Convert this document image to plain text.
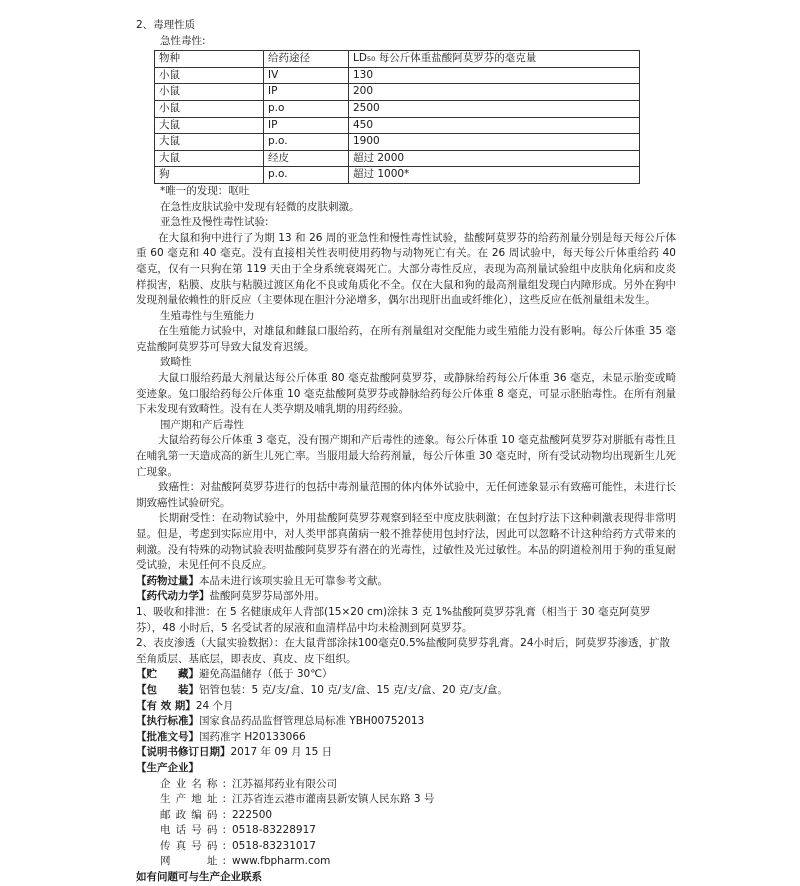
2、毒理性质
急性毒性:
物种	给药途径	LD₅₀ 每公斤体重盐酸阿莫罗芬的毫克量
小鼠	IV	130
小鼠	IP	200
小鼠	p.o	2500
大鼠	IP	450
大鼠	p.o.	1900
大鼠	经皮	超过 2000
狗	p.o.	超过 1000*
*唯一的发现：呕吐
在急性皮肤试验中发现有轻微的皮肤刺激。
亚急性及慢性毒性试验:
在大鼠和狗中进行了为期 13 和 26 周的亚急性和慢性毒性试验，盐酸阿莫罗芬的给药剂量分别是每天每公斤体重 60 毫克和 40 毫克。没有直接相关性表明使用药物与动物死亡有关。在 26 周试验中，每天每公斤体重给药 40 毫克，仅有一只狗在第 119 天由于全身系统衰竭死亡。大部分毒性反应，表现为高剂量试验组中皮肤角化病和皮炎样损害，粘膜、皮肤与粘膜过渡区角化不良或角质化不全。仅在大鼠和狗的最高剂量组发现白内障形成。另外在狗中发现剂量依赖性的肝反应（主要体现在胆汁分泌增多，偶尔出现肝出血或纤维化），这些反应在低剂量组未发生。
生殖毒性与生殖能力
在生殖能力试验中，对雄鼠和雌鼠口服给药，在所有剂量组对交配能力或生殖能力没有影响。每公斤体重 35 毫克盐酸阿莫罗芬可导致大鼠发育迟缓。
致畸性
大鼠口服给药最大剂量达每公斤体重 80 毫克盐酸阿莫罗芬，或静脉给药每公斤体重 36 毫克，未显示胎变或畸变迹象。兔口服给药每公斤体重 10 毫克盐酸阿莫罗芬或静脉给药每公斤体重 8 毫克，可显示胚胎毒性。在所有剂量下未发现有致畸性。没有在人类孕期及哺乳期的用药经验。
围产期和产后毒性
大鼠给药每公斤体重 3 毫克，没有围产期和产后毒性的迹象。每公斤体重 10 毫克盐酸阿莫罗芬对胼胝有毒性且在哺乳第一天造成高的新生儿死亡率。当服用最大给药剂量，每公斤体重 30 毫克时，所有受试动物均出现新生儿死亡现象。
致癌性：对盐酸阿莫罗芬进行的包括中毒剂量范围的体内体外试验中，无任何迹象显示有致癌可能性，未进行长期致癌性试验研究。
长期耐受性：在动物试验中，外用盐酸阿莫罗芬观察到轻至中度皮肤刺激；在包封疗法下这种刺激表现得非常明显。但是，考虑到实际应用中，对人类甲部真菌病一般不推荐使用包封疗法，因此可以忽略不计这种给药方式带来的刺激。没有特殊的动物试验表明盐酸阿莫罗芬有潜在的光毒性，过敏性及光过敏性。本品的阴道检剂用于狗的重复耐受试验，未见任何不良反应。
【药物过量】本品未进行该项实验且无可靠参考文献。
【药代动力学】盐酸阿莫罗芬局部外用。
1、吸收和排泄：在 5 名健康成年人背部(15×20 cm)涂抹 3 克 1%盐酸阿莫罗芬乳膏（相当于 30 毫克阿莫罗芬），48 小时后，5 名受试者的尿液和血清样品中均未检测到阿莫罗芬。
2、表皮渗透（大鼠实验数据）：在大鼠背部涂抹100毫克0.5%盐酸阿莫罗芬乳膏。24小时后，阿莫罗芬渗透，扩散至角质层、基底层，即表皮、真皮、皮下组织。
【贮　　藏】避免高温储存（低于 30℃）
【包　　装】铝管包装：5 克/支/盒、10 克/支/盒、15 克/支/盒、20 克/支/盒。
【有 效 期】24 个月
【执行标准】国家食品药品监督管理总局标准 YBH00752013
【批准文号】国药准字 H20133066
【说明书修订日期】2017 年 09 月 15 日
【生产企业】
企业名称: 江苏福邦药业有限公司
生产地址: 江苏省连云港市灌南县新安镇人民东路 3 号
邮政编码: 222500
电话号码: 0518-83228917
传真号码: 0518-83231017
网　　址: www.fbpharm.com
如有问题可与生产企业联系
